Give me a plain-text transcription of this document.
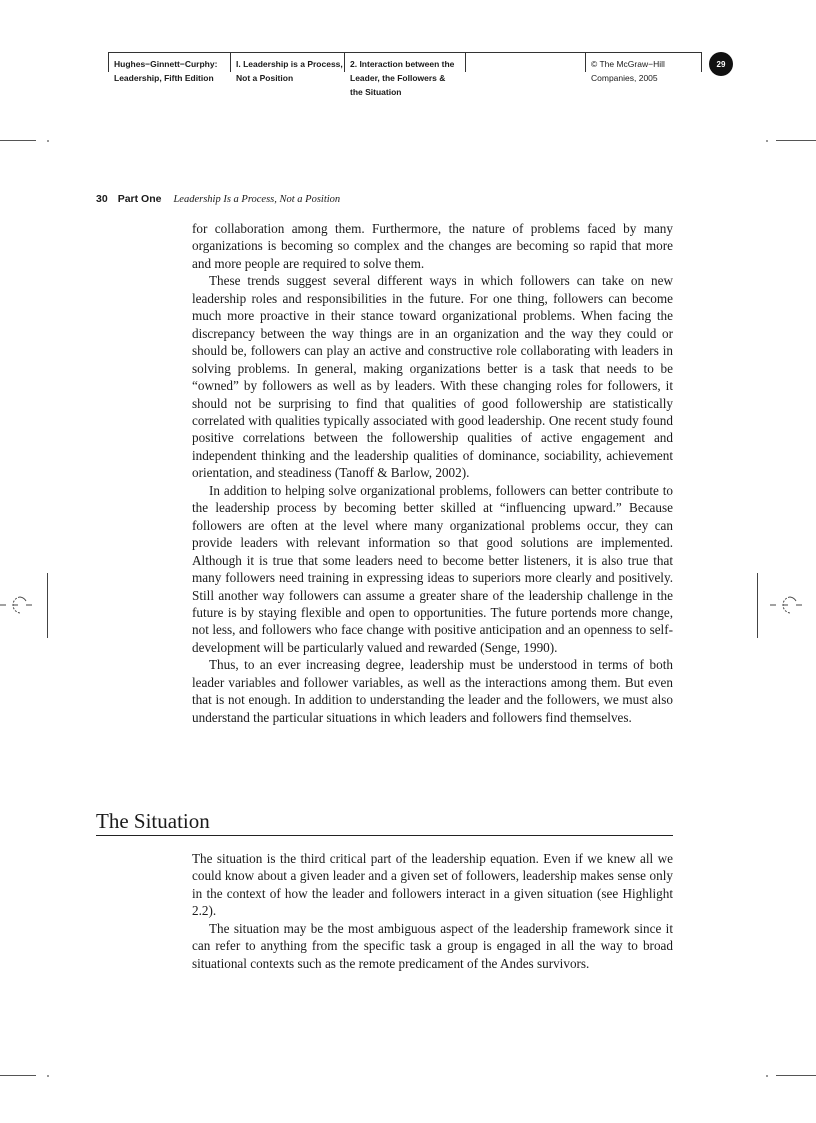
Hughes−Ginnett−Curphy:
Leadership, Fifth Edition
I. Leadership is a Process,
Not a Position
2. Interaction between the
Leader, the Followers &
the Situation
© The McGraw−Hill
Companies, 2005
29
30 Part One Leadership Is a Process, Not a Position

for collaboration among them. Furthermore, the nature of problems faced by many organizations is becoming so complex and the changes are becoming so rapid that more and more people are required to solve them.

These trends suggest several different ways in which followers can take on new leadership roles and responsibilities in the future. For one thing, followers can become much more proactive in their stance toward organizational problems. When facing the discrepancy between the way things are in an organization and the way they could or should be, followers can play an active and constructive role collaborating with leaders in solving problems. In general, making organizations better is a task that needs to be “owned” by followers as well as by leaders. With these changing roles for followers, it should not be surprising to find that qualities of good followership are statistically correlated with qualities typically associated with good leadership. One recent study found positive correlations between the followership qualities of active engagement and independent thinking and the leadership qualities of dominance, sociability, achievement orientation, and steadiness (Tanoff & Barlow, 2002).

In addition to helping solve organizational problems, followers can better contribute to the leadership process by becoming better skilled at “influencing upward.” Because followers are often at the level where many organizational problems occur, they can provide leaders with relevant information so that good solutions are implemented. Although it is true that some leaders need to become better listeners, it is also true that many followers need training in expressing ideas to superiors more clearly and positively. Still another way followers can assume a greater share of the leadership challenge in the future is by staying flexible and open to opportunities. The future portends more change, not less, and followers who face change with positive anticipation and an openness to self-development will be particularly valued and rewarded (Senge, 1990).

Thus, to an ever increasing degree, leadership must be understood in terms of both leader variables and follower variables, as well as the interactions among them. But even that is not enough. In addition to understanding the leader and the followers, we must also understand the particular situations in which leaders and followers find themselves.

The Situation

The situation is the third critical part of the leadership equation. Even if we knew all we could know about a given leader and a given set of followers, leadership makes sense only in the context of how the leader and followers interact in a given situation (see Highlight 2.2).

The situation may be the most ambiguous aspect of the leadership framework since it can refer to anything from the specific task a group is engaged in all the way to broad situational contexts such as the remote predicament of the Andes survivors.
